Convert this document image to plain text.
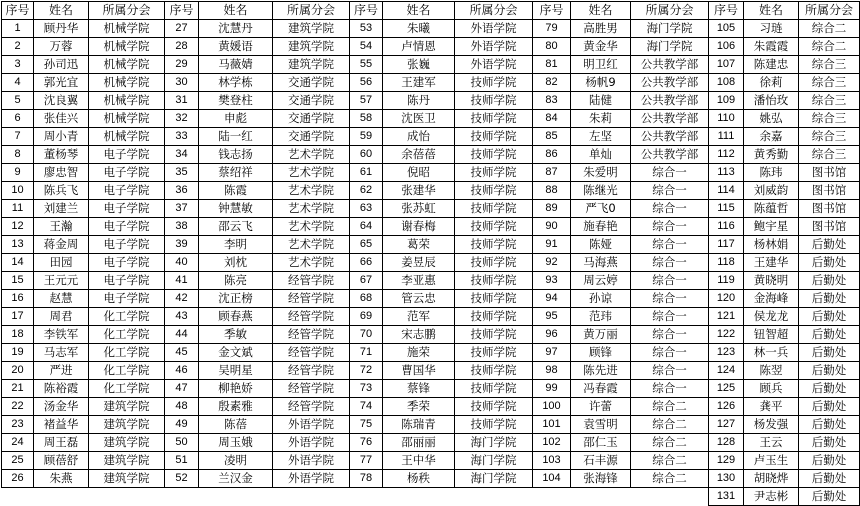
序号	姓名	所属分会	序号	姓名	所属分会	序号	姓名	所属分会	序号	姓名	所属分会	序号	姓名	所属分会
1	顾丹华	机械学院	27	沈慧丹	建筑学院	53	朱曦	外语学院	79	高胜男	海门学院	105	习琏	综合二
2	万蓉	机械学院	28	黄媛语	建筑学院	54	卢情恩	外语学院	80	黄金华	海门学院	106	朱霞霞	综合二
3	孙司迅	机械学院	29	马薇婧	建筑学院	55	张巍	外语学院	81	明卫红	公共教学部	107	陈建忠	综合三
4	郭光宜	机械学院	30	林学栋	交通学院	56	王建军	技师学院	82	杨帆9	公共教学部	108	徐莉	综合三
5	沈良翼	机械学院	31	樊登柱	交通学院	57	陈丹	技师学院	83	陆健	公共教学部	109	潘怡玫	综合三
6	张佳兴	机械学院	32	申彪	交通学院	58	沈医卫	技师学院	84	朱莉	公共教学部	110	姚弘	综合三
7	周小青	机械学院	33	陆一红	交通学院	59	成怡	技师学院	85	左坚	公共教学部	111	余嘉	综合三
8	董杨琴	电子学院	34	钱志扬	艺术学院	60	余蓓蓓	技师学院	86	单灿	公共教学部	112	黄秀勤	综合三
9	廖忠智	电子学院	35	蔡绍祥	艺术学院	61	倪昭	技师学院	87	朱爱明	综合一	113	陈玮	图书馆
10	陈兵飞	电子学院	36	陈霞	艺术学院	62	张建华	技师学院	88	陈继光	综合一	114	刘威韵	图书馆
11	刘建兰	电子学院	37	钟慧敏	艺术学院	63	张苏虹	技师学院	89	严飞0	综合一	115	陈蕴哲	图书馆
12	王瀚	电子学院	38	邵云飞	艺术学院	64	谢春梅	技师学院	90	施春艳	综合一	116	鲍宇星	图书馆
13	蒋金周	电子学院	39	李明	艺术学院	65	葛荣	技师学院	91	陈娅	综合一	117	杨林娟	后勤处
14	田园	电子学院	40	刘枕	艺术学院	66	姜昱辰	技师学院	92	马海燕	综合一	118	王建华	后勤处
15	王元元	电子学院	41	陈亮	经管学院	67	李亚惠	技师学院	93	周云婷	综合一	119	黄晓明	后勤处
16	赵慧	电子学院	42	沈正榜	经管学院	68	管云忠	技师学院	94	孙谅	综合一	120	金海峰	后勤处
17	周君	化工学院	43	顾春燕	经管学院	69	范军	技师学院	95	范玮	综合一	121	侯龙龙	后勤处
18	李铁军	化工学院	44	季敏	经管学院	70	宋志鹏	技师学院	96	黄万丽	综合一	122	钮智超	后勤处
19	马志军	化工学院	45	金文斌	经管学院	71	施荣	技师学院	97	顾锋	综合一	123	林一兵	后勤处
20	严进	化工学院	46	吴明星	经管学院	72	曹国华	技师学院	98	陈先进	综合一	124	陈翌	后勤处
21	陈裕霞	化工学院	47	柳艳娇	经管学院	73	蔡锋	技师学院	99	冯春霞	综合一	125	顾兵	后勤处
22	汤金华	建筑学院	48	殷素雅	经管学院	74	季荣	技师学院	100	许蕾	综合二	126	龚平	后勤处
23	褚益华	建筑学院	49	陈蓓	外语学院	75	陈瑞青	技师学院	101	袁雪明	综合二	127	杨发强	后勤处
24	周王磊	建筑学院	50	周玉娥	外语学院	76	邵丽丽	海门学院	102	邵仁玉	综合二	128	王云	后勤处
25	顾蓓舒	建筑学院	51	凌明	外语学院	77	王中华	海门学院	103	石丰源	综合二	129	卢玉生	后勤处
26	朱燕	建筑学院	52	兰汉金	外语学院	78	杨秩	海门学院	104	张海锋	综合二	130	胡晓烨	后勤处
												131	尹志彬	后勤处
